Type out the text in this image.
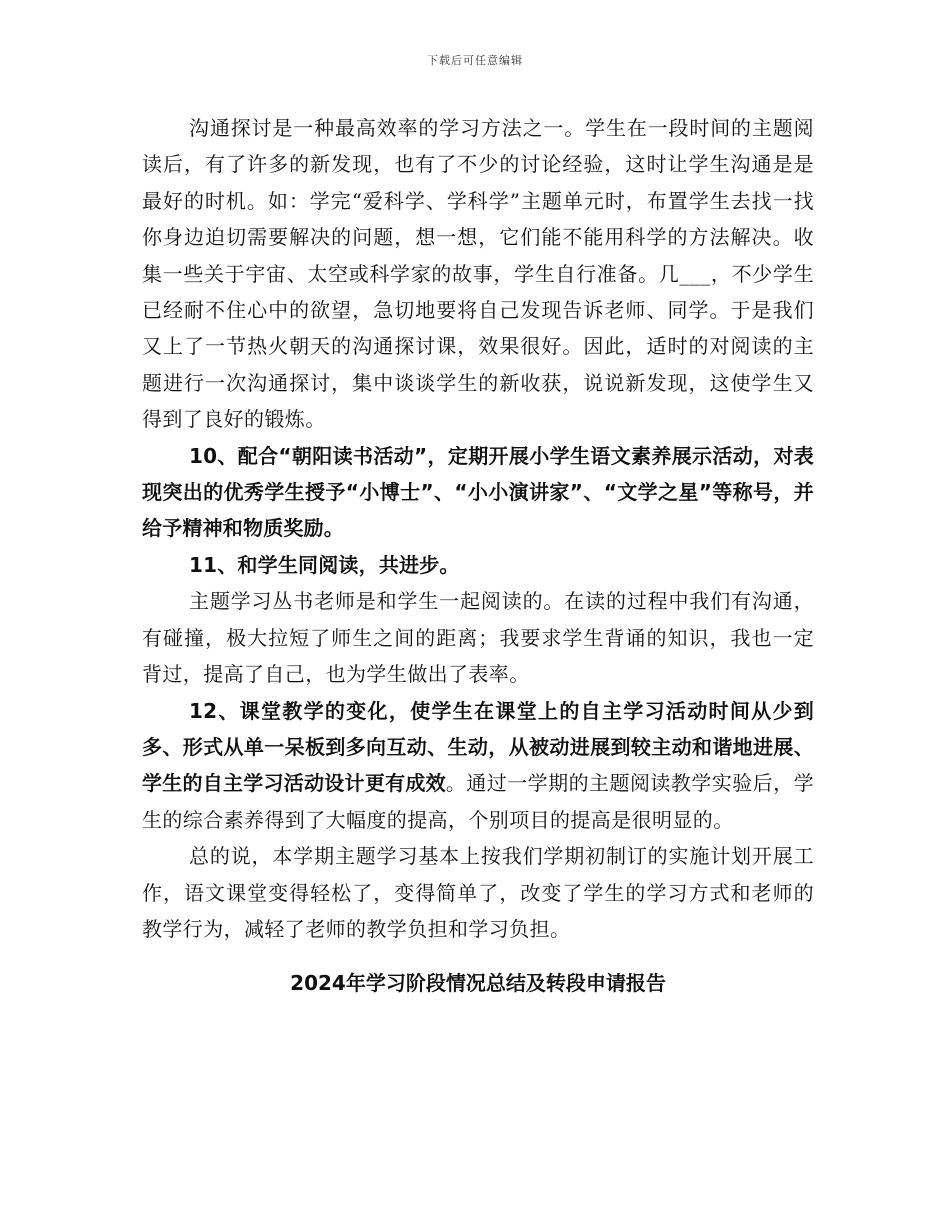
下载后可任意编辑

沟通探讨是一种最高效率的学习方法之一。学生在一段时间的主题阅读后，有了许多的新发现，也有了不少的讨论经验，这时让学生沟通是是最好的时机。如：学完“爱科学、学科学”主题单元时，布置学生去找一找你身边迫切需要解决的问题，想一想，它们能不能用科学的方法解决。收集一些关于宇宙、太空或科学家的故事，学生自行准备。几___，不少学生已经耐不住心中的欲望，急切地要将自己发现告诉老师、同学。于是我们又上了一节热火朝天的沟通探讨课，效果很好。因此，适时的对阅读的主题进行一次沟通探讨，集中谈谈学生的新收获，说说新发现，这使学生又得到了良好的锻炼。

10、配合“朝阳读书活动”，定期开展小学生语文素养展示活动，对表现突出的优秀学生授予“小博士”、“小小演讲家”、“文学之星”等称号，并给予精神和物质奖励。

11、和学生同阅读，共进步。

主题学习丛书老师是和学生一起阅读的。在读的过程中我们有沟通，有碰撞，极大拉短了师生之间的距离；我要求学生背诵的知识，我也一定背过，提高了自己，也为学生做出了表率。

12、课堂教学的变化，使学生在课堂上的自主学习活动时间从少到多、形式从单一呆板到多向互动、生动，从被动进展到较主动和谐地进展、学生的自主学习活动设计更有成效。通过一学期的主题阅读教学实验后，学生的综合素养得到了大幅度的提高，个别项目的提高是很明显的。

总的说，本学期主题学习基本上按我们学期初制订的实施计划开展工作，语文课堂变得轻松了，变得简单了，改变了学生的学习方式和老师的教学行为，减轻了老师的教学负担和学习负担。

2024年学习阶段情况总结及转段申请报告
